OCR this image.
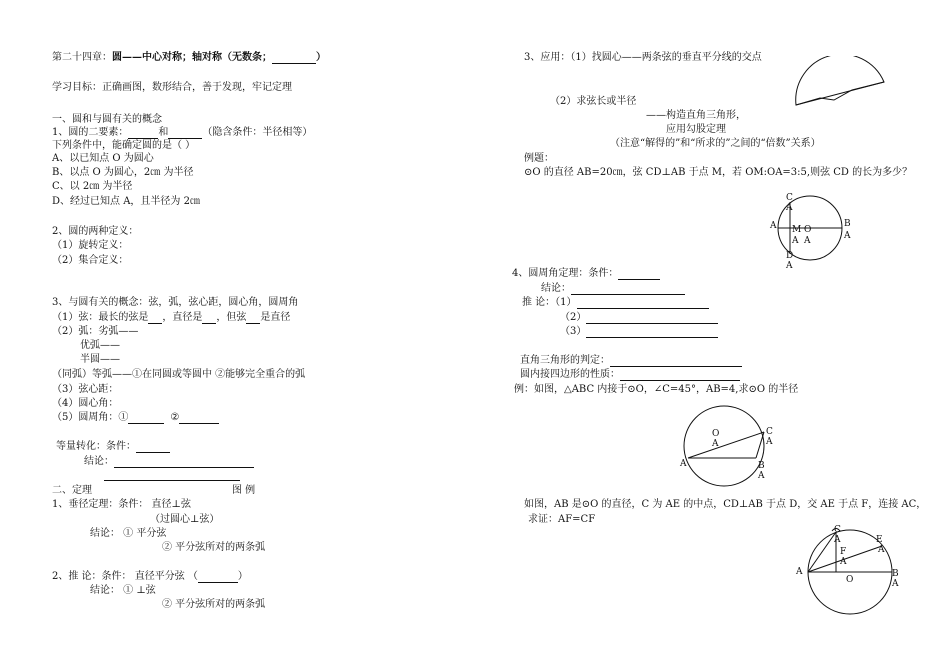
第二十四章：圆——中心对称；轴对称（无数条；	）
学习目标：正确画图，数形结合，善于发现，牢记定理
一、圆和与圆有关的概念
1、圆的二要素：	和	（隐含条件：半径相等）
下列条件中，能确定圆的是（ ）
A、以已知点 O 为圆心
B、以点 O 为圆心，2㎝ 为半径
C、以 2㎝ 为半径
D、经过已知点 A，且半径为 2㎝
2、圆的两种定义：
（1）旋转定义：
（2）集合定义：
3、与圆有关的概念：弦，弧，弦心距，圆心角，圆周角
（1）弦：最长的弦是 ，直径是 ，但弦 是直径
（2）弧：劣弧——
优弧——
半圆——
（同弧）等弧——①在同圆或等圆中 ②能够完全重合的弧
（3）弦心距：
（4）圆心角：
（5）圆周角：①	②
等量转化：条件：
结论：
二、定理	图 例
1、垂径定理：条件： 直径⊥弦
（过圆心⊥弦）
结论： ① 平分弦
② 平分弦所对的两条弧
2、推 论：条件： 直径平分弦 （	）
结论： ① ⊥弦
② 平分弦所对的两条弧
3、应用：（1）找圆心——两条弦的垂直平分线的交点
（2）求弦长或半径
——构造直角三角形，
应用勾股定理
（注意“解得的”和“所求的”之间的“倍数”关系）
例题：
⊙O 的直径 AB=20㎝，弦 CD⊥AB 于点 M，若 OM:OA=3:5,则弦 CD 的长为多少？
4、圆周角定理：条件：
结论：
推 论：（1）
（2）
（3）
直角三角形的判定：
圆内接四边形的性质：
例：如图，△ABC 内接于⊙O，∠C=45°，AB=4,求⊙O 的半径
如图，AB 是⊙O 的直径，C 为 AE 的中点，CD⊥AB 于点 D，交 AE 于点 F，连接 AC，
求证：AF=CF
C
A
A M O
A A
D
A
B
A
O
A
C
A
A	B
A
C
A
F
A
E
A
A
O
B
A
